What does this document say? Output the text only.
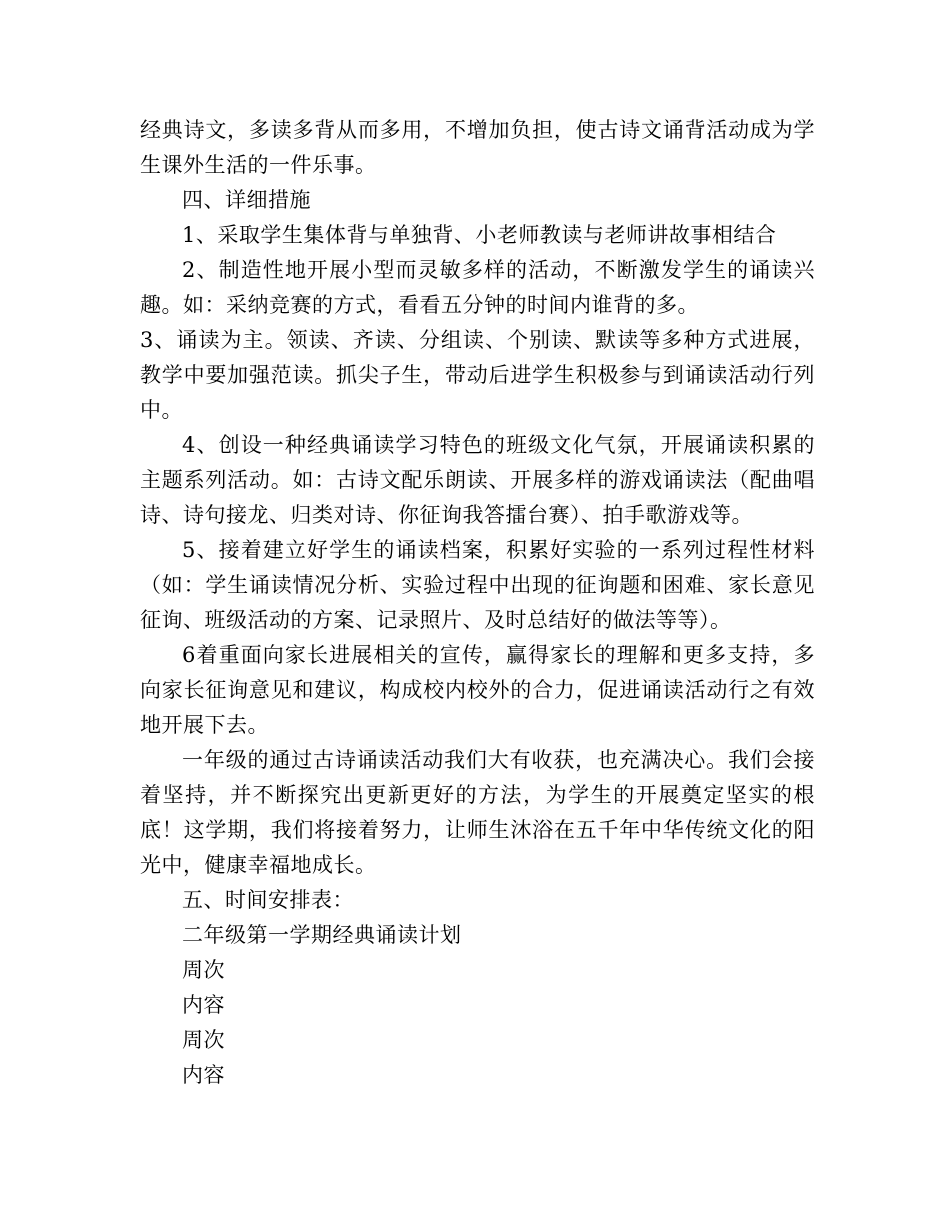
经典诗文，多读多背从而多用，不增加负担，使古诗文诵背活动成为学生课外生活的一件乐事。

四、详细措施

1、采取学生集体背与单独背、小老师教读与老师讲故事相结合

2、制造性地开展小型而灵敏多样的活动，不断激发学生的诵读兴趣。如：采纳竞赛的方式，看看五分钟的时间内谁背的多。

3、诵读为主。领读、齐读、分组读、个别读、默读等多种方式进展，教学中要加强范读。抓尖子生，带动后进学生积极参与到诵读活动行列中。

4、创设一种经典诵读学习特色的班级文化气氛，开展诵读积累的主题系列活动。如：古诗文配乐朗读、开展多样的游戏诵读法（配曲唱诗、诗句接龙、归类对诗、你征询我答擂台赛）、拍手歌游戏等。

5、接着建立好学生的诵读档案，积累好实验的一系列过程性材料（如：学生诵读情况分析、实验过程中出现的征询题和困难、家长意见征询、班级活动的方案、记录照片、及时总结好的做法等等）。

6着重面向家长进展相关的宣传，赢得家长的理解和更多支持，多向家长征询意见和建议，构成校内校外的合力，促进诵读活动行之有效地开展下去。

一年级的通过古诗诵读活动我们大有收获，也充满决心。我们会接着坚持，并不断探究出更新更好的方法，为学生的开展奠定坚实的根底！这学期，我们将接着努力，让师生沐浴在五千年中华传统文化的阳光中，健康幸福地成长。

五、时间安排表：

二年级第一学期经典诵读计划

周次

内容

周次

内容
